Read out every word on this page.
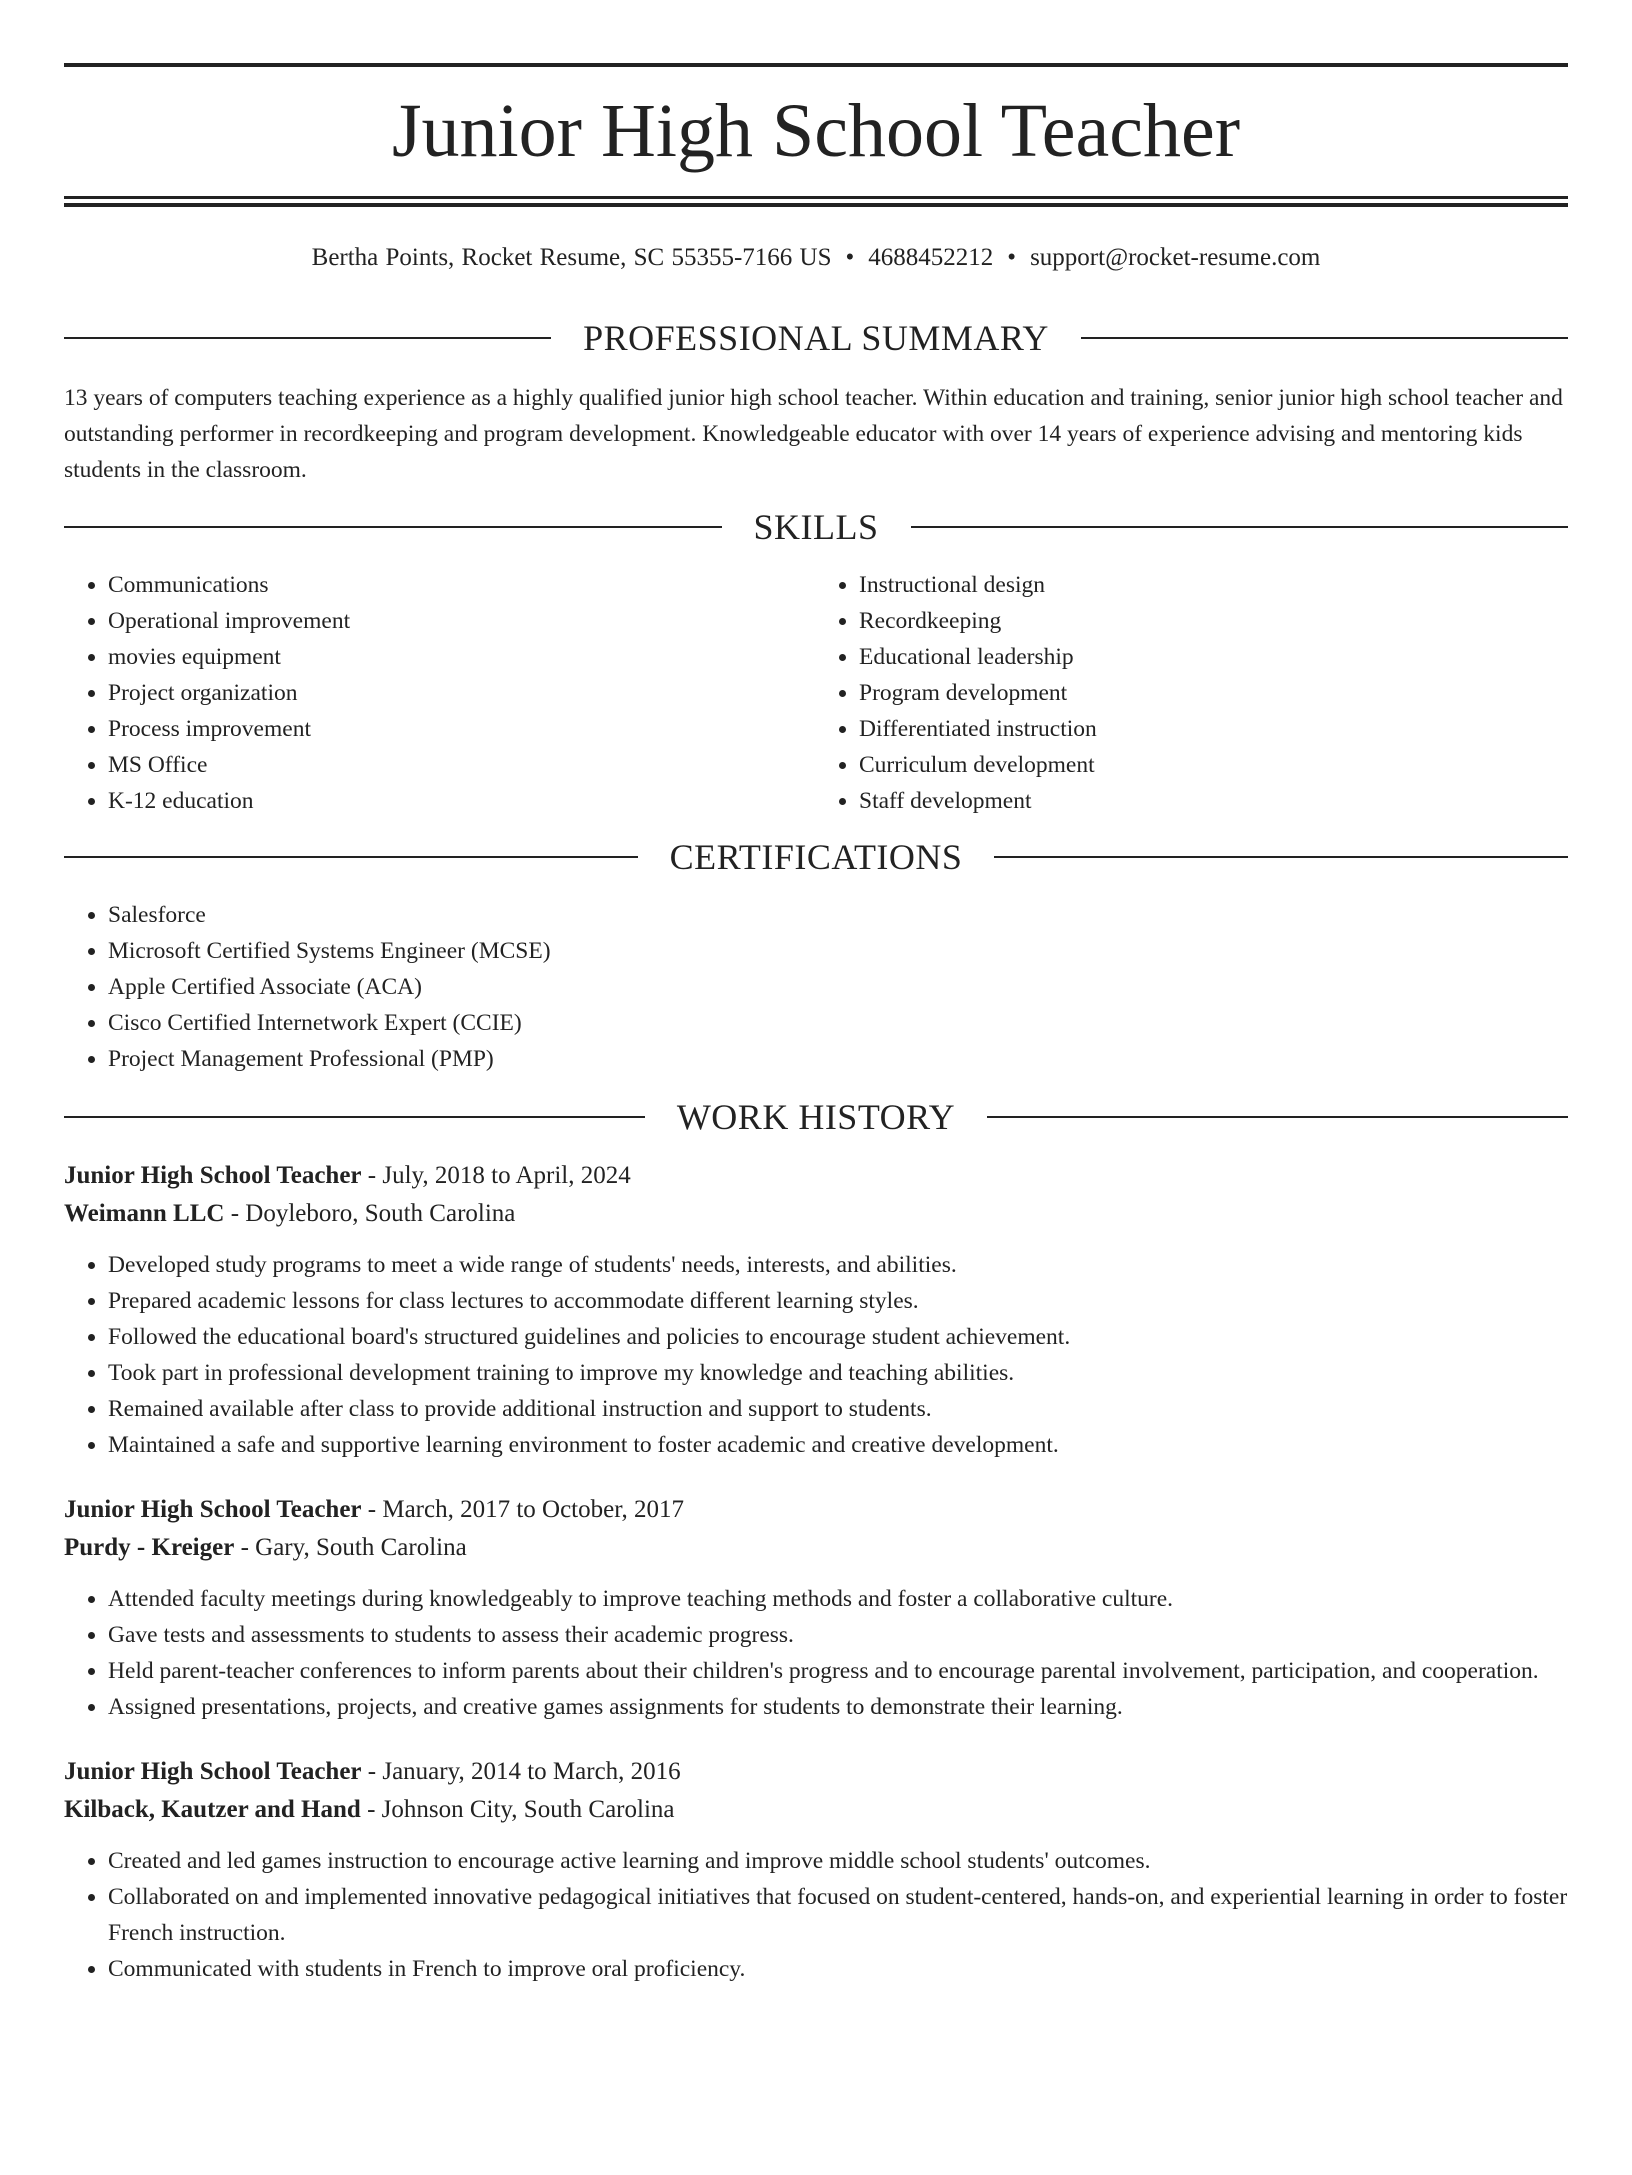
Junior High School Teacher

Bertha Points, Rocket Resume, SC 55355-7166 US • 4688452212 • support@rocket-resume.com

PROFESSIONAL SUMMARY

13 years of computers teaching experience as a highly qualified junior high school teacher. Within education and training, senior junior high school teacher and outstanding performer in recordkeeping and program development. Knowledgeable educator with over 14 years of experience advising and mentoring kids students in the classroom.

SKILLS
• Communications
• Operational improvement
• movies equipment
• Project organization
• Process improvement
• MS Office
• K-12 education
• Instructional design
• Recordkeeping
• Educational leadership
• Program development
• Differentiated instruction
• Curriculum development
• Staff development
CERTIFICATIONS
• Salesforce
• Microsoft Certified Systems Engineer (MCSE)
• Apple Certified Associate (ACA)
• Cisco Certified Internetwork Expert (CCIE)
• Project Management Professional (PMP)
WORK HISTORY

Junior High School Teacher - July, 2018 to April, 2024

Weimann LLC - Doyleboro, South Carolina

• Developed study programs to meet a wide range of students' needs, interests, and abilities.
• Prepared academic lessons for class lectures to accommodate different learning styles.
• Followed the educational board's structured guidelines and policies to encourage student achievement.
• Took part in professional development training to improve my knowledge and teaching abilities.
• Remained available after class to provide additional instruction and support to students.
• Maintained a safe and supportive learning environment to foster academic and creative development.

Junior High School Teacher - March, 2017 to October, 2017

Purdy - Kreiger - Gary, South Carolina

• Attended faculty meetings during knowledgeably to improve teaching methods and foster a collaborative culture.
• Gave tests and assessments to students to assess their academic progress.
• Held parent-teacher conferences to inform parents about their children's progress and to encourage parental involvement, participation, and cooperation.
• Assigned presentations, projects, and creative games assignments for students to demonstrate their learning.

Junior High School Teacher - January, 2014 to March, 2016

Kilback, Kautzer and Hand - Johnson City, South Carolina

• Created and led games instruction to encourage active learning and improve middle school students' outcomes.
• Collaborated on and implemented innovative pedagogical initiatives that focused on student-centered, hands-on, and experiential learning in order to foster French instruction.
• Communicated with students in French to improve oral proficiency.
